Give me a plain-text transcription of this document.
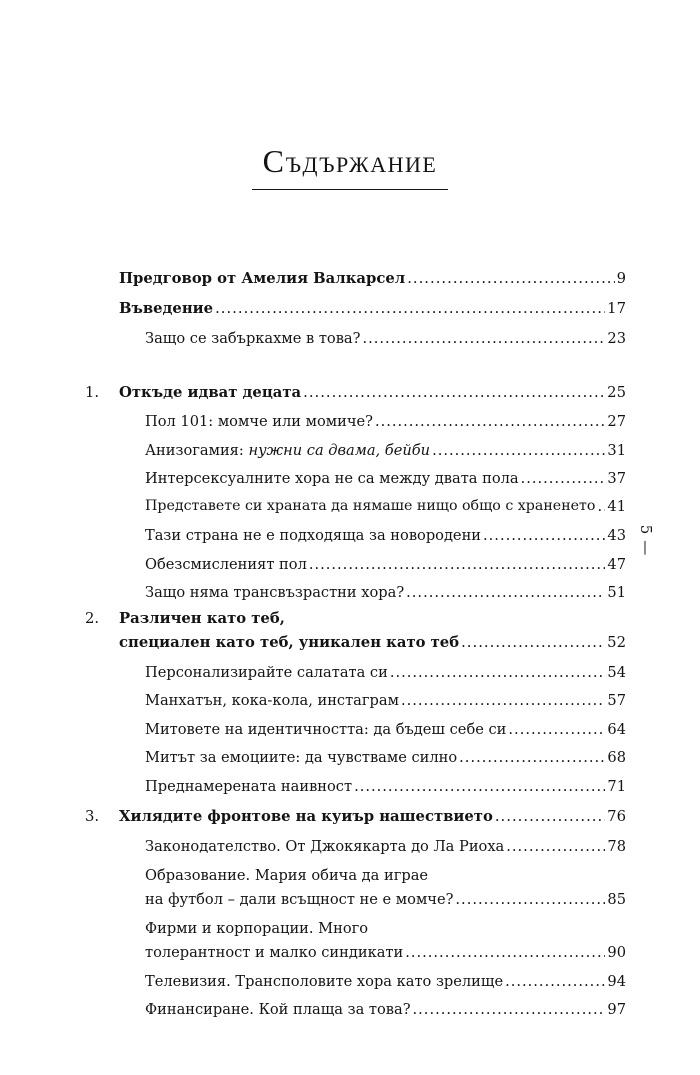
Съдържание
Предговор от Амелия Валкарсел .....	9
Въведение .....	17
Защо се забъркахме в това? .....	23
1. Откъде идват децата .....	25
Пол 101: момче или момиче? .....	27
Анизогамия: нужни са двама, бейби .....	31
Интерсексуалните хора не са между двата пола .....	37
Представете си храната да нямаше нищо общо с храненето ..... 41
Тази страна не е подходяща за новородени .....	43
Обезсмисленият пол .....	47
Защо няма трансвъзрастни хора? .....	51
2. Различен като теб,
специален като теб, уникален като теб .....	52
Персонализирайте салатата си .....	54
Манхатън, кока-кола, инстаграм .....	57
Митовете на идентичността: да бъдеш себе си .....	64
Митът за емоциите: да чувстваме силно .....	68
Преднамерената наивност .....	71
3. Хилядите фронтове на куиър нашествието .....	76
Законодателство. От Джокякарта до Ла Риоха .....	78
Образование. Мария обича да играе
на футбол – дали всъщност не е момче? .....	85
Фирми и корпорации. Много
толерантност и малко синдикати .....	90
Телевизия. Трансполовите хора като зрелище .....	94
Финансиране. Кой плаща за това? .....	97
5
—
